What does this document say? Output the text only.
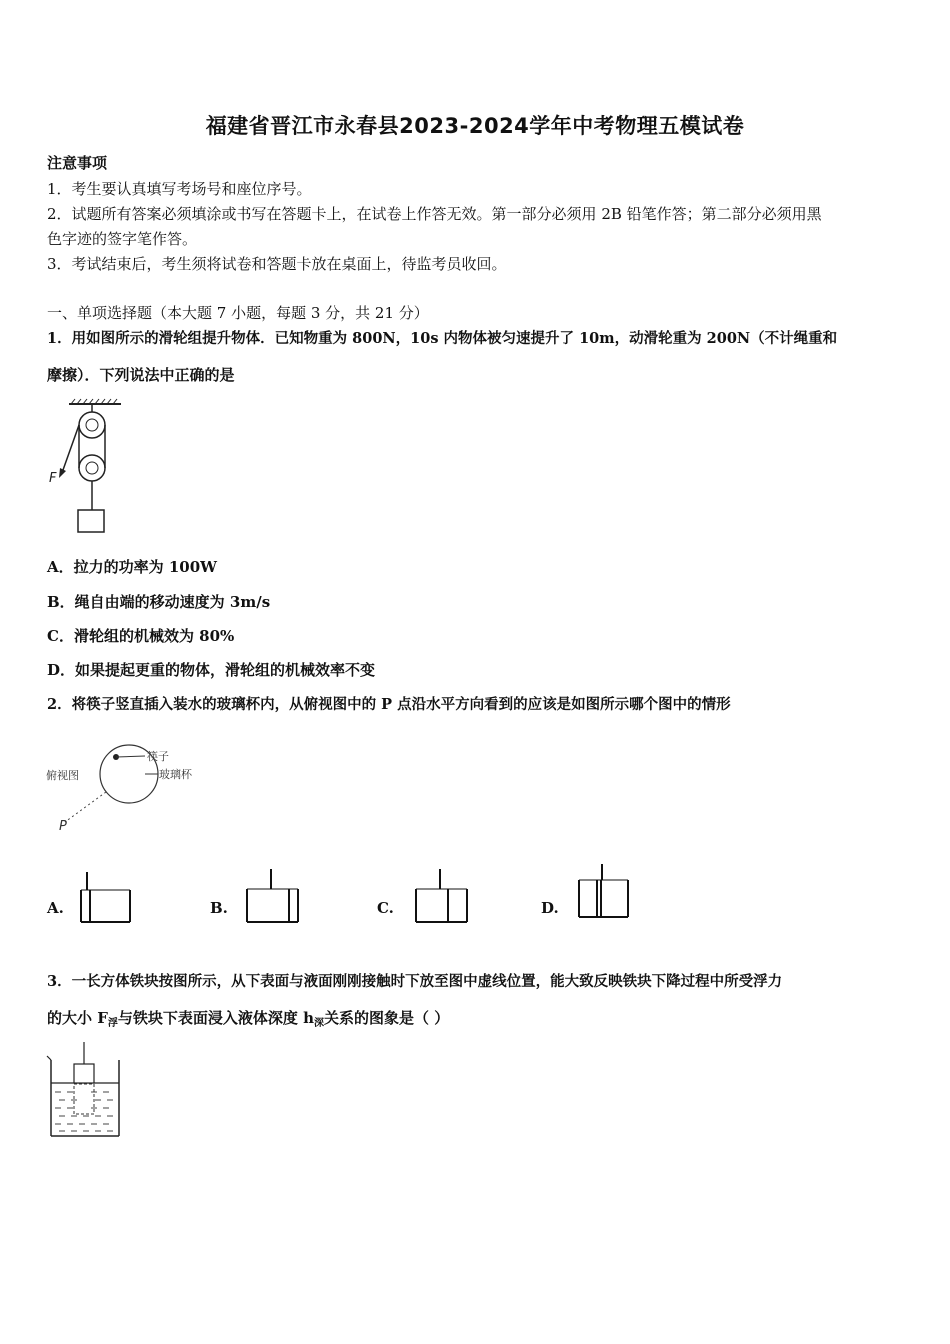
福建省晋江市永春县2023-2024学年中考物理五模试卷
注意事项
1．考生要认真填写考场号和座位序号。
2．试题所有答案必须填涂或书写在答题卡上，在试卷上作答无效。第一部分必须用 2B 铅笔作答；第二部分必须用黑
色字迹的签字笔作答。
3．考试结束后，考生须将试卷和答题卡放在桌面上，待监考员收回。
一、单项选择题（本大题 7 小题，每题 3 分，共 21 分）
1．用如图所示的滑轮组提升物体．已知物重为 800N，10s 内物体被匀速提升了 10m，动滑轮重为 200N（不计绳重和
摩擦）．下列说法中正确的是
F
A．拉力的功率为 100W
B．绳自由端的移动速度为 3m/s
C．滑轮组的机械效为 80%
D．如果提起更重的物体，滑轮组的机械效率不变
2．将筷子竖直插入装水的玻璃杯内，从俯视图中的 P 点沿水平方向看到的应该是如图所示哪个图中的情形
俯视图
筷子
玻璃杯
P
A.	B.	C.	D.
3．一长方体铁块按图所示，从下表面与液面刚刚接触时下放至图中虚线位置，能大致反映铁块下降过程中所受浮力
的大小 $F_浮$与铁块下表面浸入液体深度 $h_深$关系的图象是（ ）
